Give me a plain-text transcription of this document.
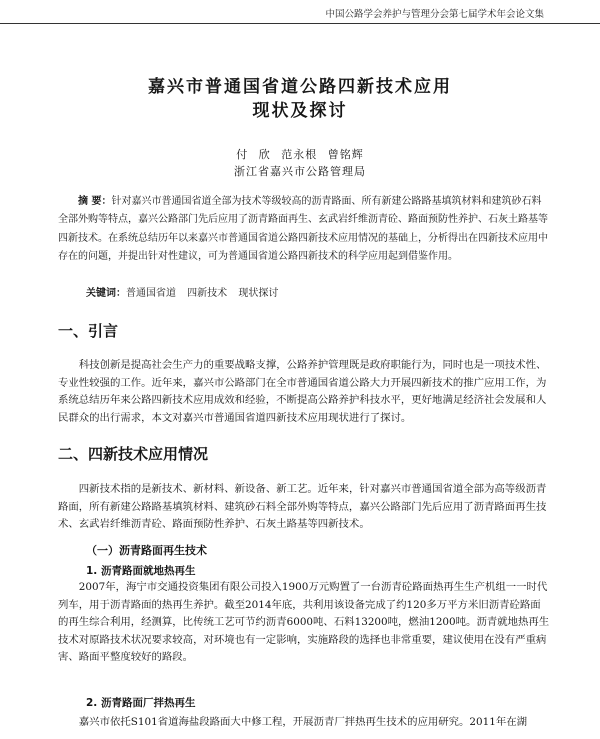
中国公路学会养护与管理分会第七届学术年会论文集
嘉兴市普通国省道公路四新技术应用
现状及探讨
付 欣 范永根 曾铭辉
浙江省嘉兴市公路管理局

摘 要：针对嘉兴市普通国省道全部为技术等级较高的沥青路面、所有新建公路路基填筑材料和建筑砂石料全部外购等特点，嘉兴公路部门先后应用了沥青路面再生、玄武岩纤维沥青砼、路面预防性养护、石灰土路基等四新技术。在系统总结历年以来嘉兴市普通国省道公路四新技术应用情况的基础上，分析得出在四新技术应用中存在的问题，并提出针对性建议，可为普通国省道公路四新技术的科学应用起到借鉴作用。

关键词：普通国省道 四新技术 现状探讨

一、引言

科技创新是提高社会生产力的重要战略支撑，公路养护管理既是政府职能行为，同时也是一项技术性、专业性较强的工作。近年来，嘉兴市公路部门在全市普通国省道公路大力开展四新技术的推广应用工作，为系统总结历年来公路四新技术应用成效和经验，不断提高公路养护科技水平，更好地满足经济社会发展和人民群众的出行需求，本文对嘉兴市普通国省道四新技术应用现状进行了探讨。

二、四新技术应用情况

四新技术指的是新技术、新材料、新设备、新工艺。近年来，针对嘉兴市普通国省道全部为高等级沥青路面，所有新建公路路基填筑材料、建筑砂石料全部外购等特点，嘉兴公路部门先后应用了沥青路面再生技术、玄武岩纤维沥青砼、路面预防性养护、石灰土路基等四新技术。

（一）沥青路面再生技术
1. 沥青路面就地热再生

2007年，海宁市交通投资集团有限公司投入1900万元购置了一台沥青砼路面热再生生产机组一一时代列车，用于沥青路面的热再生养护。截至2014年底，共利用该设备完成了约120多万平方米旧沥青砼路面的再生综合利用，经测算，比传统工艺可节约沥青6000吨、石料13200吨，燃油1200吨。沥青就地热再生技术对原路技术状况要求较高，对环境也有一定影响，实施路段的选择也非常重要，建议使用在没有严重病害、路面平整度较好的路段。

2. 沥青路面厂拌热再生

嘉兴市依托S101省道海盐段路面大中修工程，开展沥青厂拌热再生技术的应用研究。2011年在湖
